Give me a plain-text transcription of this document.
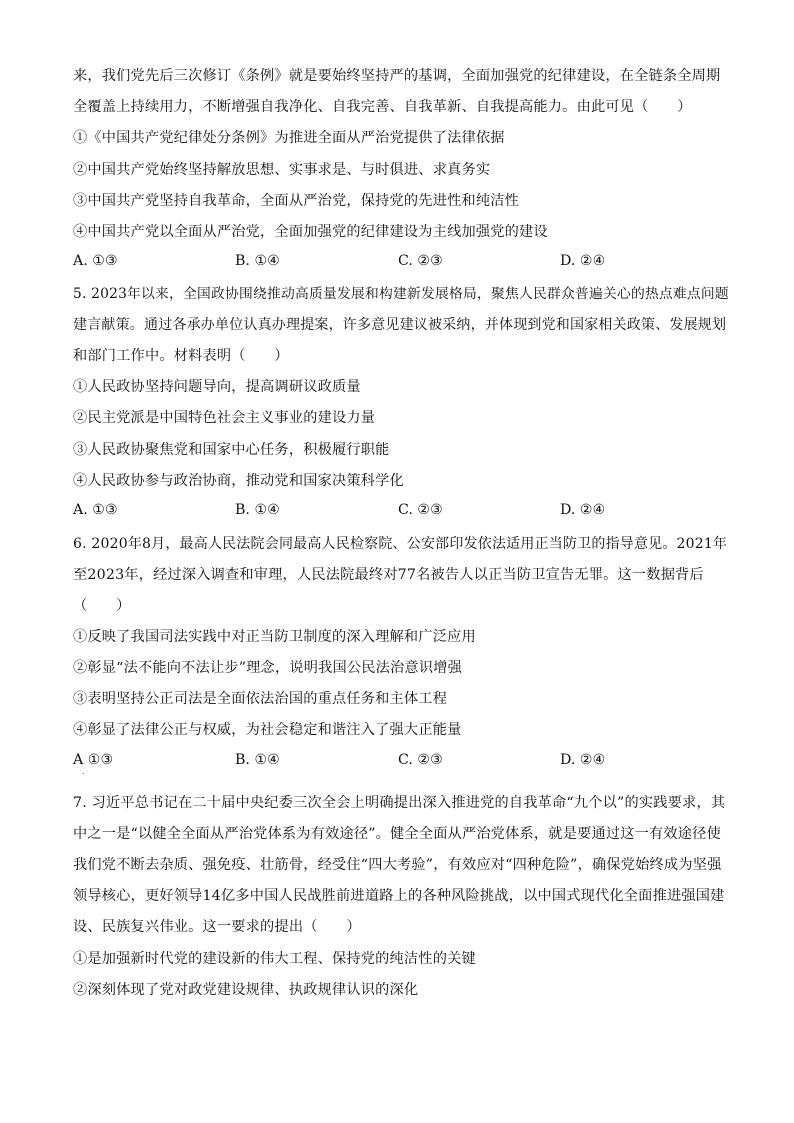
来，我们党先后三次修订《条例》就是要始终坚持严的基调，全面加强党的纪律建设，在全链条全周期
全覆盖上持续用力，不断增强自我净化、自我完善、自我革新、自我提高能力。由此可见（　　）
①《中国共产党纪律处分条例》为推进全面从严治党提供了法律依据
②中国共产党始终坚持解放思想、实事求是、与时俱进、求真务实
③中国共产党坚持自我革命，全面从严治党，保持党的先进性和纯洁性
④中国共产党以全面从严治党，全面加强党的纪律建设为主线加强党的建设
A. ①③	B. ①④	C. ②③	D. ②④
5. 2023年以来，全国政协围绕推动高质量发展和构建新发展格局，聚焦人民群众普遍关心的热点难点问题
建言献策。通过各承办单位认真办理提案，许多意见建议被采纳，并体现到党和国家相关政策、发展规划
和部门工作中。材料表明（　　）
①人民政协坚持问题导向，提高调研议政质量
②民主党派是中国特色社会主义事业的建设力量
③人民政协聚焦党和国家中心任务，积极履行职能
④人民政协参与政治协商，推动党和国家决策科学化
A. ①③	B. ①④	C. ②③	D. ②④
6. 2020年8月，最高人民法院会同最高人民检察院、公安部印发依法适用正当防卫的指导意见。2021年
至2023年，经过深入调查和审理，人民法院最终对77名被告人以正当防卫宣告无罪。这一数据背后
（　　）
①反映了我国司法实践中对正当防卫制度的深入理解和广泛应用
②彰显“法不能向不法让步”理念，说明我国公民法治意识增强
③表明坚持公正司法是全面依法治国的重点任务和主体工程
④彰显了法律公正与权威，为社会稳定和谐注入了强大正能量
A ①③	B. ①④	C. ②③	D. ②④
.
7. 习近平总书记在二十届中央纪委三次全会上明确提出深入推进党的自我革命“九个以”的实践要求，其
中之一是“以健全全面从严治党体系为有效途径”。健全全面从严治党体系，就是要通过这一有效途径使
我们党不断去杂质、强免疫、壮筋骨，经受住“四大考验”，有效应对“四种危险”，确保党始终成为坚强
领导核心，更好领导14亿多中国人民战胜前进道路上的各种风险挑战，以中国式现代化全面推进强国建
设、民族复兴伟业。这一要求的提出（　　）
①是加强新时代党的建设新的伟大工程、保持党的纯洁性的关键
②深刻体现了党对政党建设规律、执政规律认识的深化
